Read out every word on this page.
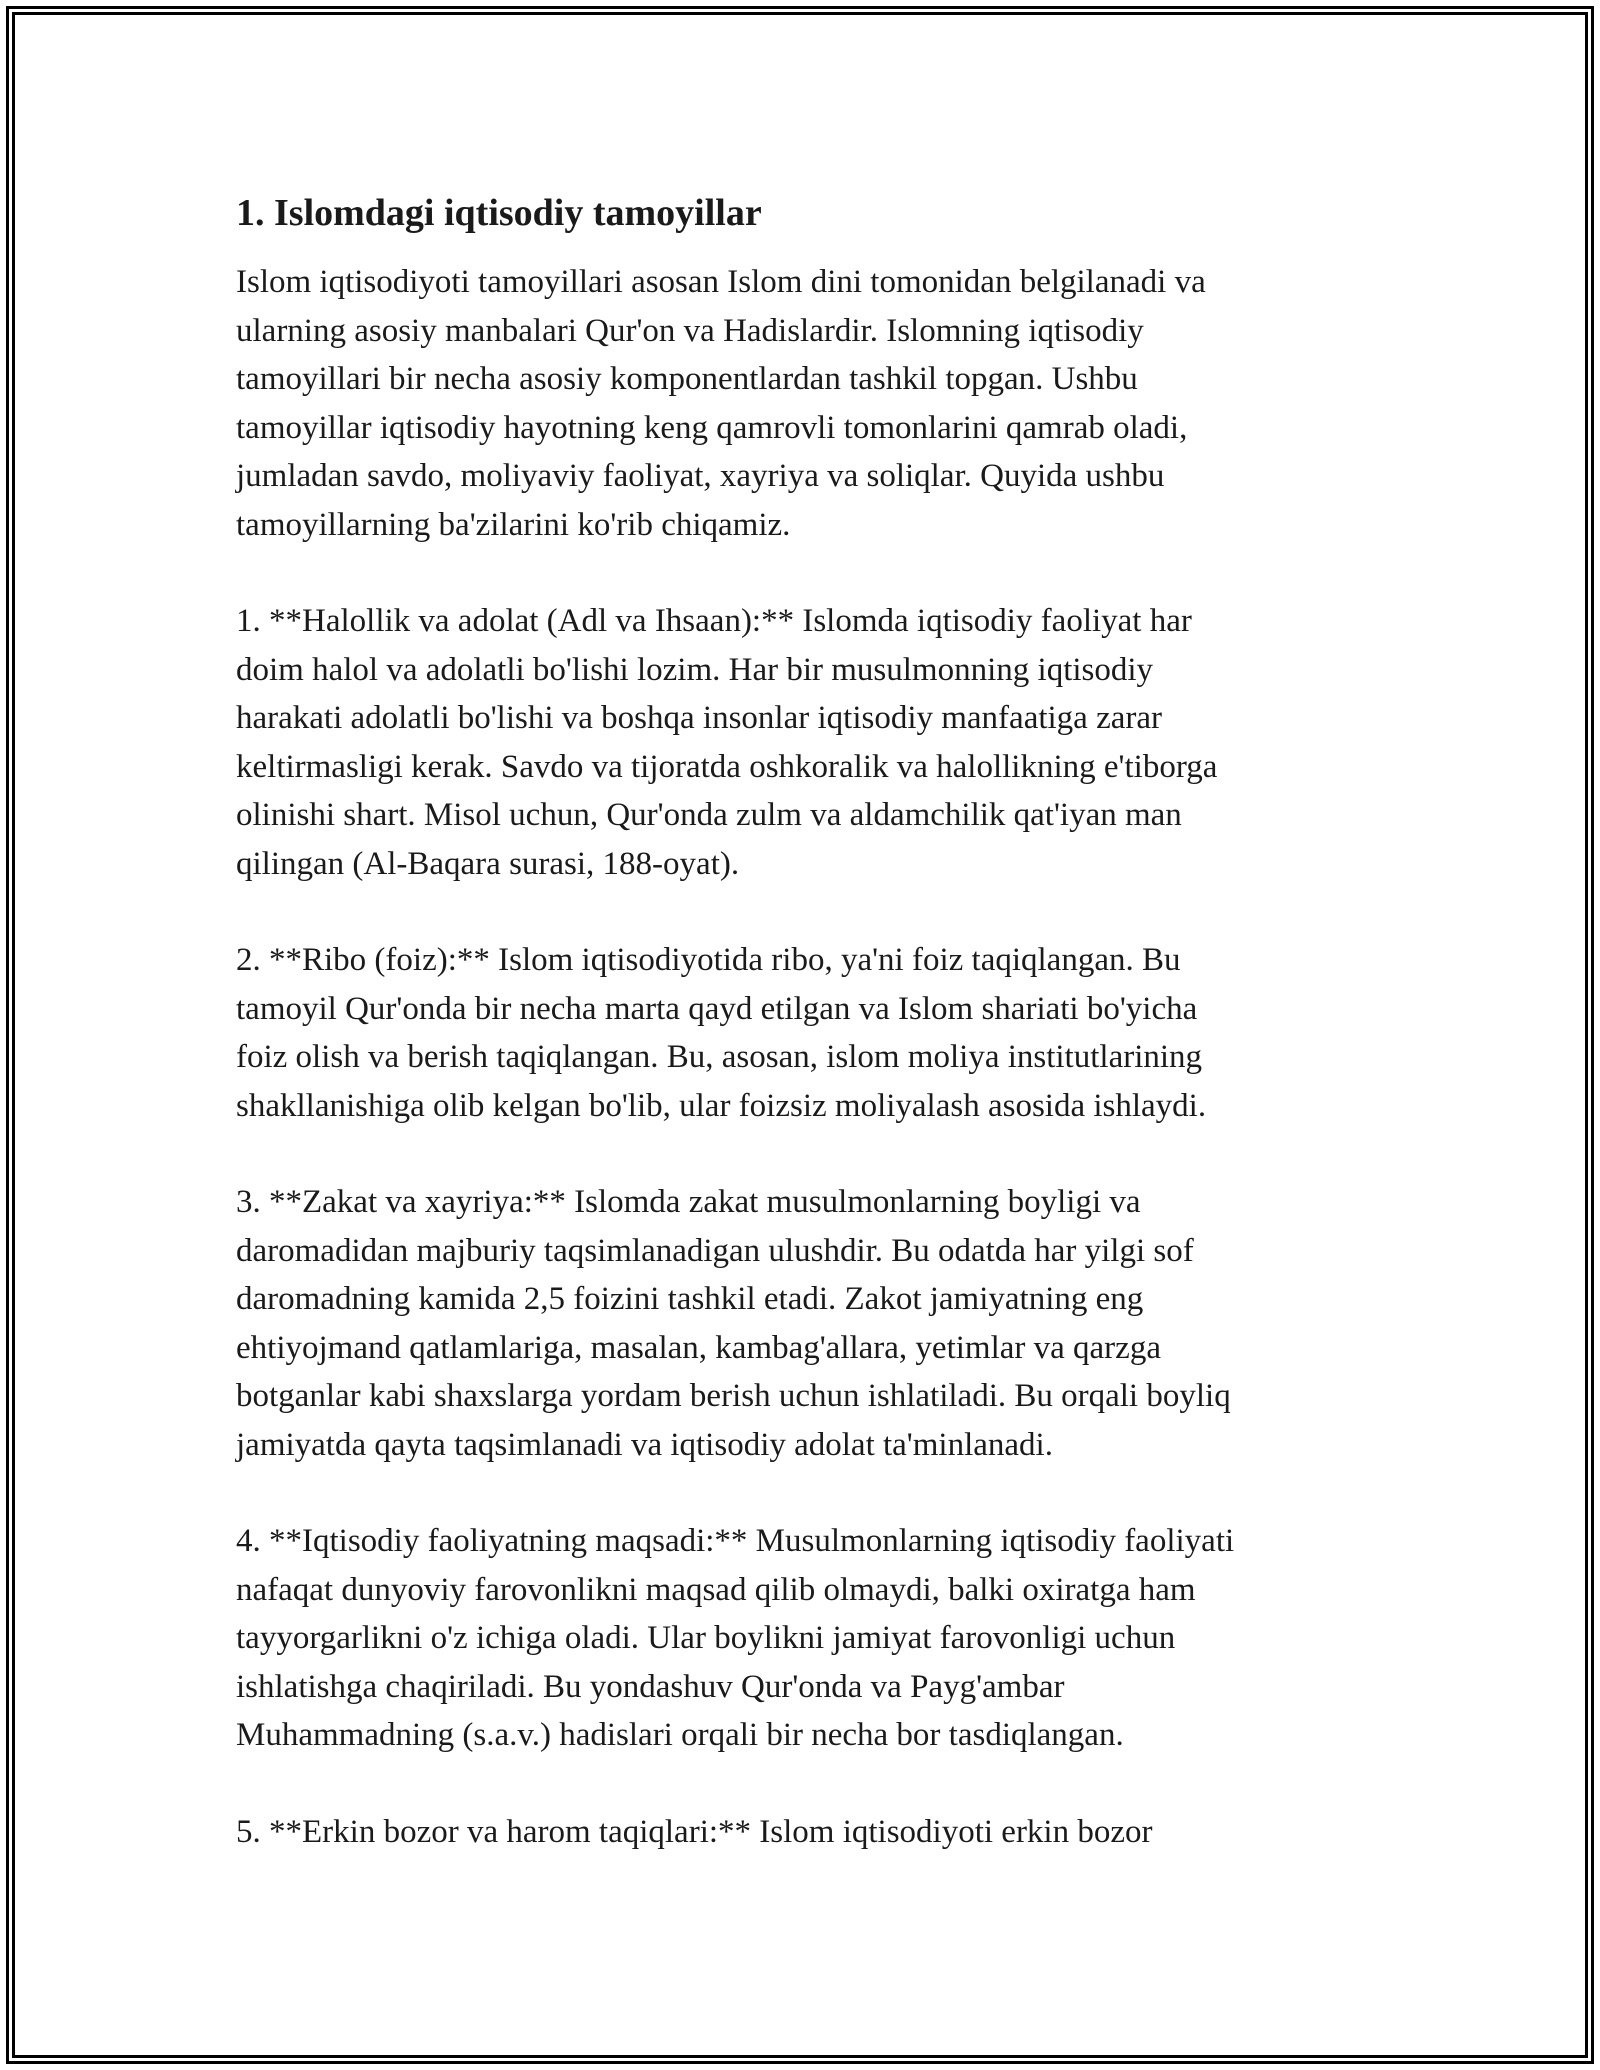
1. Islomdagi iqtisodiy tamoyillar

Islom iqtisodiyoti tamoyillari asosan Islom dini tomonidan belgilanadi va
ularning asosiy manbalari Qur'on va Hadislardir. Islomning iqtisodiy
tamoyillari bir necha asosiy komponentlardan tashkil topgan. Ushbu
tamoyillar iqtisodiy hayotning keng qamrovli tomonlarini qamrab oladi,
jumladan savdo, moliyaviy faoliyat, xayriya va soliqlar. Quyida ushbu
tamoyillarning ba'zilarini ko'rib chiqamiz.

1. **Halollik va adolat (Adl va Ihsaan):** Islomda iqtisodiy faoliyat har
doim halol va adolatli bo'lishi lozim. Har bir musulmonning iqtisodiy
harakati adolatli bo'lishi va boshqa insonlar iqtisodiy manfaatiga zarar
keltirmasligi kerak. Savdo va tijoratda oshkoralik va halollikning e'tiborga
olinishi shart. Misol uchun, Qur'onda zulm va aldamchilik qat'iyan man
qilingan (Al-Baqara surasi, 188-oyat).

2. **Ribo (foiz):** Islom iqtisodiyotida ribo, ya'ni foiz taqiqlangan. Bu
tamoyil Qur'onda bir necha marta qayd etilgan va Islom shariati bo'yicha
foiz olish va berish taqiqlangan. Bu, asosan, islom moliya institutlarining
shakllanishiga olib kelgan bo'lib, ular foizsiz moliyalash asosida ishlaydi.

3. **Zakat va xayriya:** Islomda zakat musulmonlarning boyligi va
daromadidan majburiy taqsimlanadigan ulushdir. Bu odatda har yilgi sof
daromadning kamida 2,5 foizini tashkil etadi. Zakot jamiyatning eng
ehtiyojmand qatlamlariga, masalan, kambag'allara, yetimlar va qarzga
botganlar kabi shaxslarga yordam berish uchun ishlatiladi. Bu orqali boyliq
jamiyatda qayta taqsimlanadi va iqtisodiy adolat ta'minlanadi.

4. **Iqtisodiy faoliyatning maqsadi:** Musulmonlarning iqtisodiy faoliyati
nafaqat dunyoviy farovonlikni maqsad qilib olmaydi, balki oxiratga ham
tayyorgarlikni o'z ichiga oladi. Ular boylikni jamiyat farovonligi uchun
ishlatishga chaqiriladi. Bu yondashuv Qur'onda va Payg'ambar
Muhammadning (s.a.v.) hadislari orqali bir necha bor tasdiqlangan.

5. **Erkin bozor va harom taqiqlari:** Islom iqtisodiyoti erkin bozor
